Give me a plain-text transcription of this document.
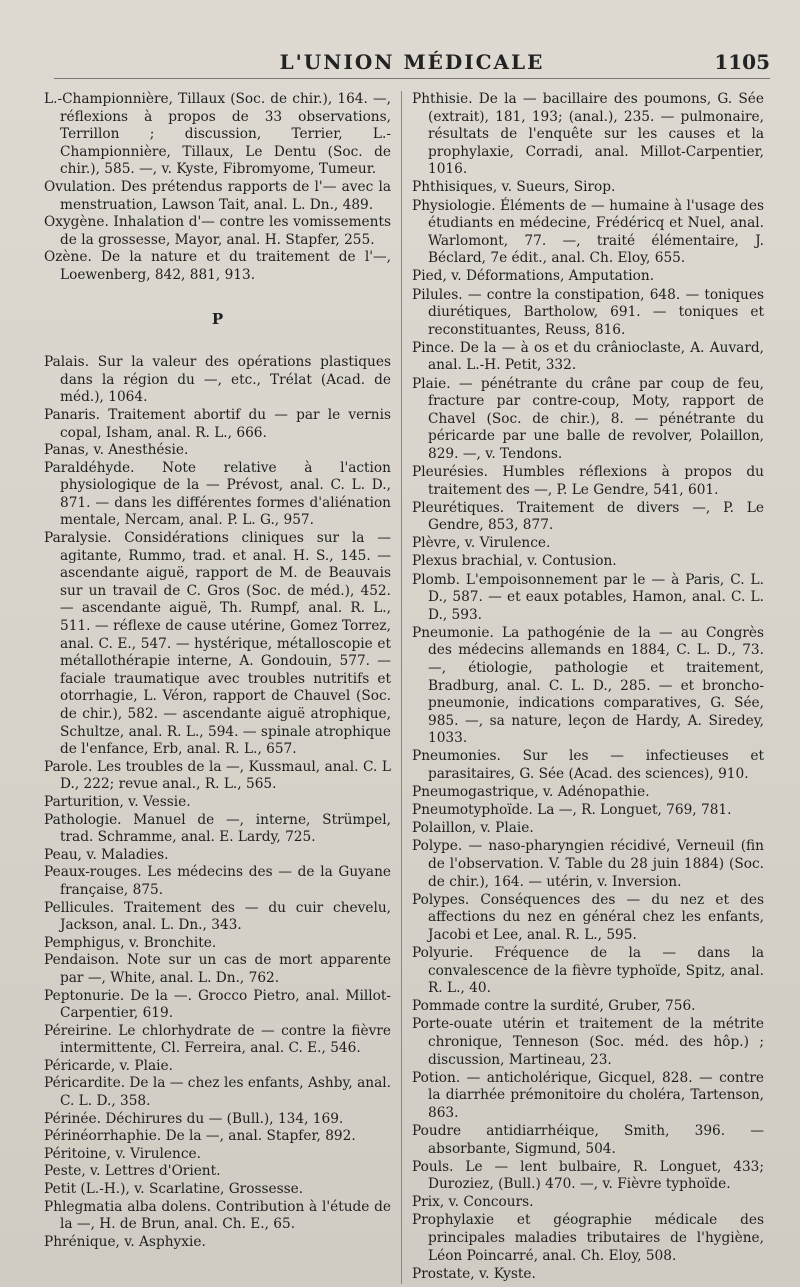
L'UNION MÉDICALE	1105

L.-Championnière, Tillaux (Soc. de chir.), 164. —, réflexions à propos de 33 observations, Terrillon ; discussion, Terrier, L.-Championnière, Tillaux, Le Dentu (Soc. de chir.), 585. —, v. Kyste, Fibromyome, Tumeur.

Ovulation. Des prétendus rapports de l'— avec la menstruation, Lawson Tait, anal. L. Dn., 489.

Oxygène. Inhalation d'— contre les vomissements de la grossesse, Mayor, anal. H. Stapfer, 255.

Ozène. De la nature et du traitement de l'—, Loewenberg, 842, 881, 913.

P

Palais. Sur la valeur des opérations plastiques dans la région du —, etc., Trélat (Acad. de méd.), 1064.

Panaris. Traitement abortif du — par le vernis copal, Isham, anal. R. L., 666.

Panas, v. Anesthésie.

Paraldéhyde. Note relative à l'action physiologique de la — Prévost, anal. C. L. D., 871. — dans les différentes formes d'aliénation mentale, Nercam, anal. P. L. G., 957.

Paralysie. Considérations cliniques sur la — agitante, Rummo, trad. et anal. H. S., 145. — ascendante aiguë, rapport de M. de Beauvais sur un travail de C. Gros (Soc. de méd.), 452. — ascendante aiguë, Th. Rumpf, anal. R. L., 511. — réflexe de cause utérine, Gomez Torrez, anal. C. E., 547. — hystérique, métalloscopie et métallothérapie interne, A. Gondouin, 577. — faciale traumatique avec troubles nutritifs et otorrhagie, L. Véron, rapport de Chauvel (Soc. de chir.), 582. — ascendante aiguë atrophique, Schultze, anal. R. L., 594. — spinale atrophique de l'enfance, Erb, anal. R. L., 657.

Parole. Les troubles de la —, Kussmaul, anal. C. L D., 222; revue anal., R. L., 565.

Parturition, v. Vessie.

Pathologie. Manuel de —, interne, Strümpel, trad. Schramme, anal. E. Lardy, 725.

Peau, v. Maladies.

Peaux-rouges. Les médecins des — de la Guyane française, 875.

Pellicules. Traitement des — du cuir chevelu, Jackson, anal. L. Dn., 343.

Pemphigus, v. Bronchite.

Pendaison. Note sur un cas de mort apparente par —, White, anal. L. Dn., 762.

Peptonurie. De la —. Grocco Pietro, anal. Millot-Carpentier, 619.

Péreirine. Le chlorhydrate de — contre la fièvre intermittente, Cl. Ferreira, anal. C. E., 546.

Péricarde, v. Plaie.

Péricardite. De la — chez les enfants, Ashby, anal. C. L. D., 358.

Périnée. Déchirures du — (Bull.), 134, 169.

Périnéorrhaphie. De la —, anal. Stapfer, 892.

Péritoine, v. Virulence.

Peste, v. Lettres d'Orient.

Petit (L.-H.), v. Scarlatine, Grossesse.

Phlegmatia alba dolens. Contribution à l'étude de la —, H. de Brun, anal. Ch. E., 65.

Phrénique, v. Asphyxie.

Phthisie. De la — bacillaire des poumons, G. Sée (extrait), 181, 193; (anal.), 235. — pulmonaire, résultats de l'enquête sur les causes et la prophylaxie, Corradi, anal. Millot-Carpentier, 1016.

Phthisiques, v. Sueurs, Sirop.

Physiologie. Éléments de — humaine à l'usage des étudiants en médecine, Frédéricq et Nuel, anal. Warlomont, 77. —, traité élémentaire, J. Béclard, 7e édit., anal. Ch. Eloy, 655.

Pied, v. Déformations, Amputation.

Pilules. — contre la constipation, 648. — toniques diurétiques, Bartholow, 691. — toniques et reconstituantes, Reuss, 816.

Pince. De la — à os et du crânioclaste, A. Auvard, anal. L.-H. Petit, 332.

Plaie. — pénétrante du crâne par coup de feu, fracture par contre-coup, Moty, rapport de Chavel (Soc. de chir.), 8. — pénétrante du péricarde par une balle de revolver, Polaillon, 829. —, v. Tendons.

Pleurésies. Humbles réflexions à propos du traitement des —, P. Le Gendre, 541, 601.

Pleurétiques. Traitement de divers —, P. Le Gendre, 853, 877.

Plèvre, v. Virulence.

Plexus brachial, v. Contusion.

Plomb. L'empoisonnement par le — à Paris, C. L. D., 587. — et eaux potables, Hamon, anal. C. L. D., 593.

Pneumonie. La pathogénie de la — au Congrès des médecins allemands en 1884, C. L. D., 73. —, étiologie, pathologie et traitement, Bradburg, anal. C. L. D., 285. — et broncho-pneumonie, indications comparatives, G. Sée, 985. —, sa nature, leçon de Hardy, A. Siredey, 1033.

Pneumonies. Sur les — infectieuses et parasitaires, G. Sée (Acad. des sciences), 910.

Pneumogastrique, v. Adénopathie.

Pneumotyphoïde. La —, R. Longuet, 769, 781.

Polaillon, v. Plaie.

Polype. — naso-pharyngien récidivé, Verneuil (fin de l'observation. V. Table du 28 juin 1884) (Soc. de chir.), 164. — utérin, v. Inversion.

Polypes. Conséquences des — du nez et des affections du nez en général chez les enfants, Jacobi et Lee, anal. R. L., 595.

Polyurie. Fréquence de la — dans la convalescence de la fièvre typhoïde, Spitz, anal. R. L., 40.

Pommade contre la surdité, Gruber, 756.

Porte-ouate utérin et traitement de la métrite chronique, Tenneson (Soc. méd. des hôp.) ; discussion, Martineau, 23.

Potion. — anticholérique, Gicquel, 828. — contre la diarrhée prémonitoire du choléra, Tartenson, 863.

Poudre antidiarrhéique, Smith, 396. — absorbante, Sigmund, 504.

Pouls. Le — lent bulbaire, R. Longuet, 433; Duroziez, (Bull.) 470. —, v. Fièvre typhoïde.

Prix, v. Concours.

Prophylaxie et géographie médicale des principales maladies tributaires de l'hygiène, Léon Poincarré, anal. Ch. Eloy, 508.

Prostate, v. Kyste.
